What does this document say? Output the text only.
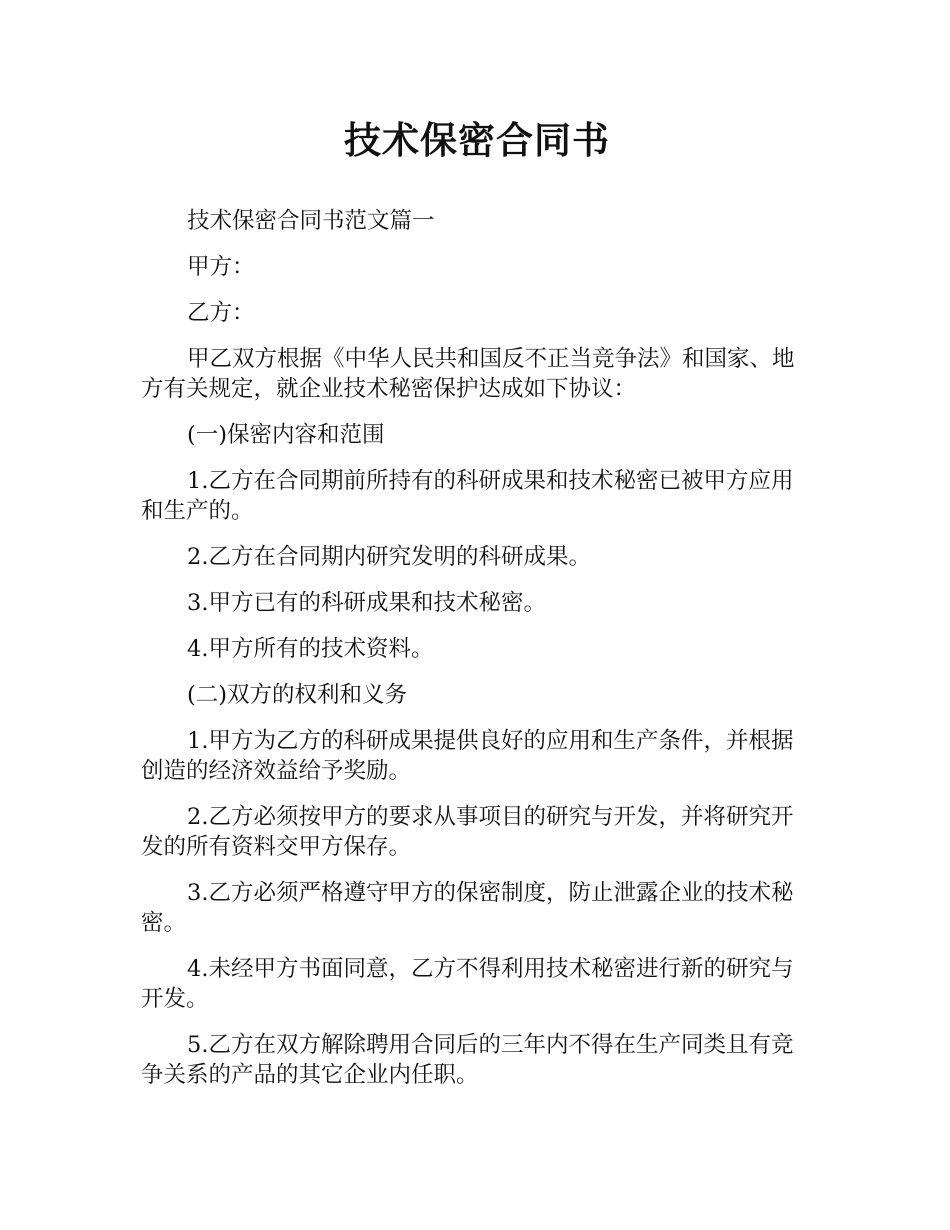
技术保密合同书

技术保密合同书范文篇一

甲方：

乙方：

甲乙双方根据《中华人民共和国反不正当竞争法》和国家、地方有关规定，就企业技术秘密保护达成如下协议：

(一)保密内容和范围

1.乙方在合同期前所持有的科研成果和技术秘密已被甲方应用和生产的。

2.乙方在合同期内研究发明的科研成果。

3.甲方已有的科研成果和技术秘密。

4.甲方所有的技术资料。

(二)双方的权利和义务

1.甲方为乙方的科研成果提供良好的应用和生产条件，并根据创造的经济效益给予奖励。

2.乙方必须按甲方的要求从事项目的研究与开发，并将研究开发的所有资料交甲方保存。

3.乙方必须严格遵守甲方的保密制度，防止泄露企业的技术秘密。

4.未经甲方书面同意，乙方不得利用技术秘密进行新的研究与开发。

5.乙方在双方解除聘用合同后的三年内不得在生产同类且有竞争关系的产品的其它企业内任职。
